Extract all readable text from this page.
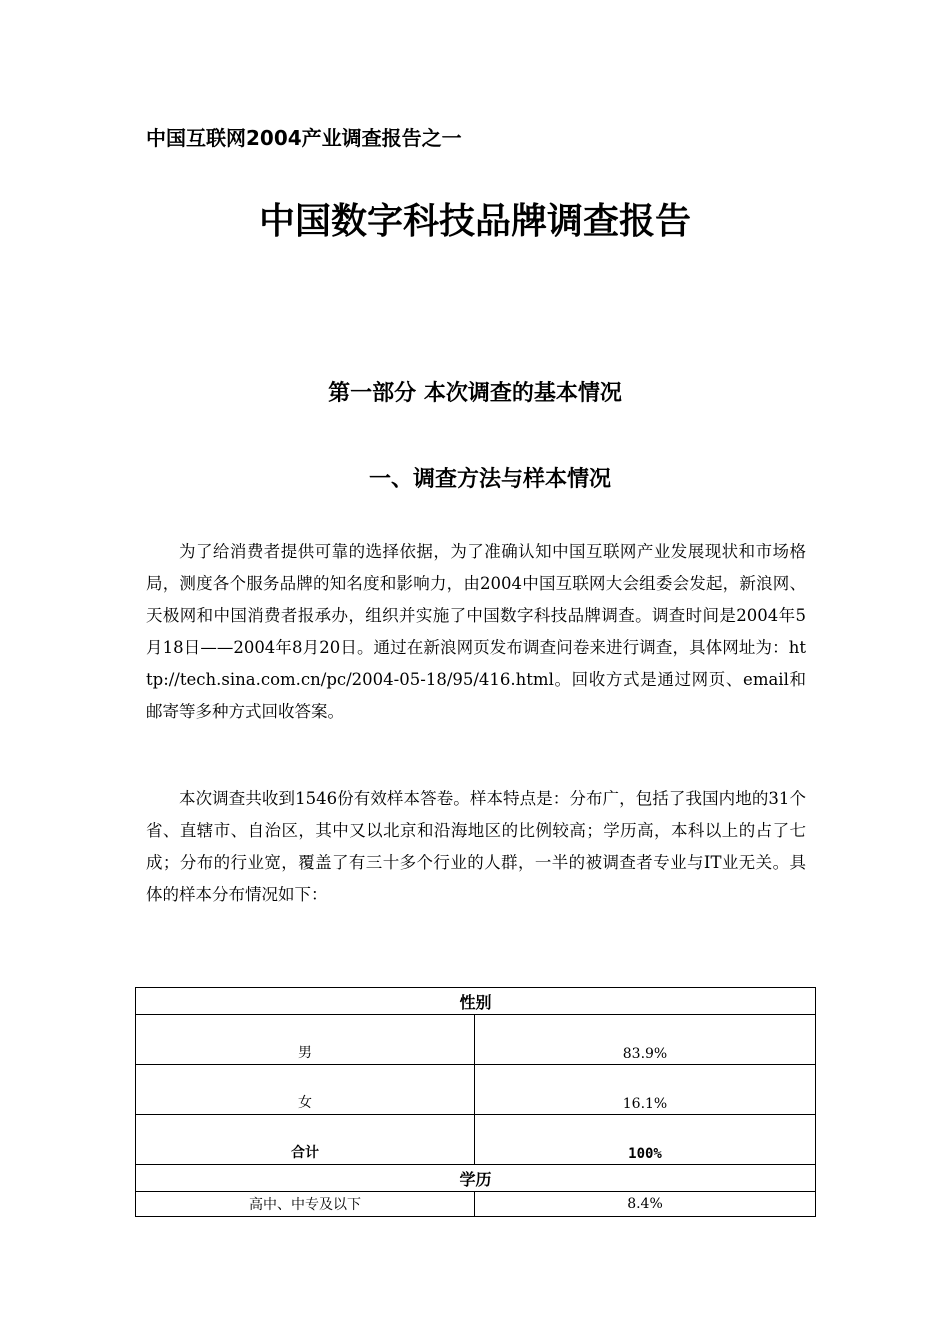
中国互联网2004产业调查报告之一
中国数字科技品牌调查报告
第一部分 本次调查的基本情况
一、调查方法与样本情况

为了给消费者提供可靠的选择依据，为了准确认知中国互联网产业发展现状和市场格局，测度各个服务品牌的知名度和影响力，由2004中国互联网大会组委会发起，新浪网、天极网和中国消费者报承办，组织并实施了中国数字科技品牌调查。调查时间是2004年5月18日——2004年8月20日。通过在新浪网页发布调查问卷来进行调查，具体网址为：http://tech.sina.com.cn/pc/2004-05-18/95/416.html。回收方式是通过网页、email和邮寄等多种方式回收答案。

本次调查共收到1546份有效样本答卷。样本特点是：分布广，包括了我国内地的31个省、直辖市、自治区，其中又以北京和沿海地区的比例较高；学历高，本科以上的占了七成；分布的行业宽，覆盖了有三十多个行业的人群，一半的被调查者专业与IT业无关。具体的样本分布情况如下：

性别	
男	83.9%
女	16.1%
合计	100%
学历	
高中、中专及以下	8.4%
